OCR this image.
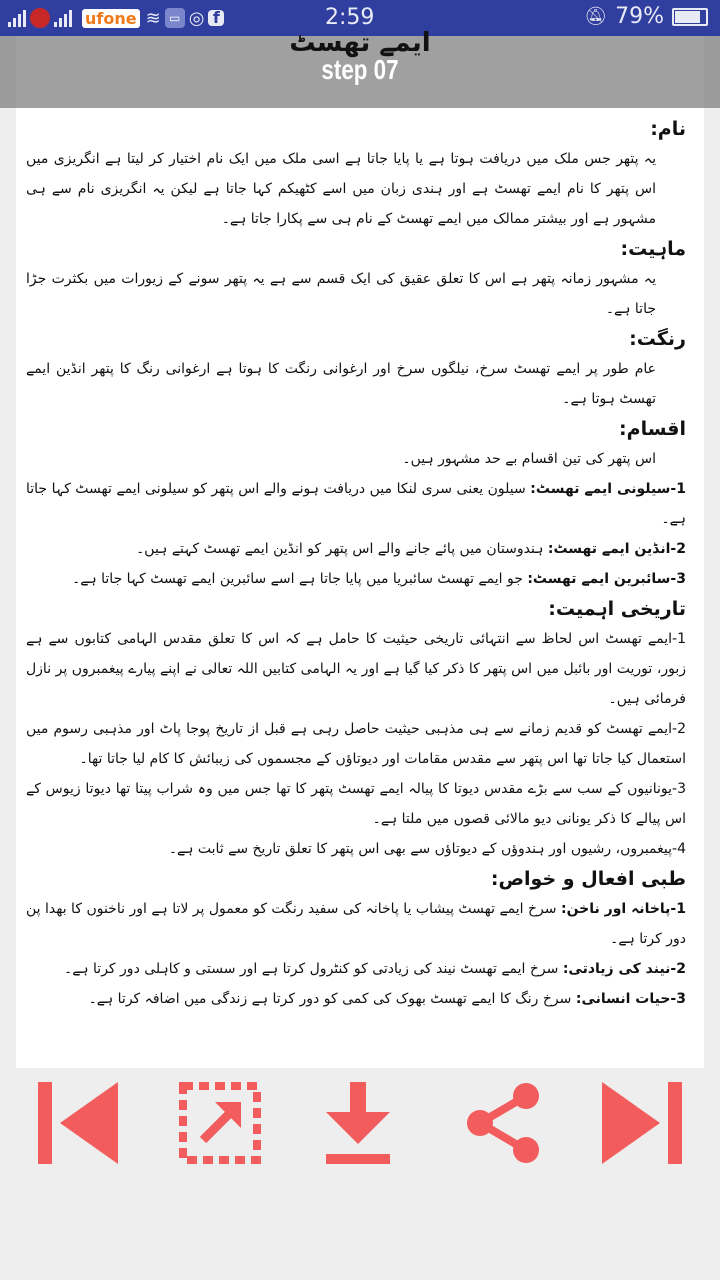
ufone ≋ ▭ ◎ f	2:59	🔕︎ 79%
ایمے تھسٹ
step 07
نام:

یہ پتھر جس ملک میں دریافت ہوتا ہے یا پایا جاتا ہے اسی ملک میں ایک نام اختیار کر لیتا ہے انگریزی میں اس پتھر کا نام ایمے تھسٹ ہے اور ہندی زبان میں اسے کٹھیکم کہا جاتا ہے لیکن یہ انگریزی نام سے ہی مشہور ہے اور بیشتر ممالک میں ایمے تھسٹ کے نام ہی سے پکارا جاتا ہے۔

ماہیت:

یہ مشہور زمانہ پتھر ہے اس کا تعلق عقیق کی ایک قسم سے ہے یہ پتھر سونے کے زیورات میں بکثرت جڑا جاتا ہے۔

رنگت:

عام طور پر ایمے تھسٹ سرخ، نیلگوں سرخ اور ارغوانی رنگت کا ہوتا ہے ارغوانی رنگ کا پتھر انڈین ایمے تھسٹ ہوتا ہے۔

اقسام:

اس پتھر کی تین اقسام بے حد مشہور ہیں۔

1-سیلونی ایمے تھسٹ: سیلون یعنی سری لنکا میں دریافت ہونے والے اس پتھر کو سیلونی ایمے تھسٹ کہا جاتا ہے۔

2-انڈین ایمے تھسٹ: ہندوستان میں پائے جانے والے اس پتھر کو انڈین ایمے تھسٹ کہتے ہیں۔

3-سائبرین ایمے تھسٹ: جو ایمے تھسٹ سائبریا میں پایا جاتا ہے اسے سائبرین ایمے تھسٹ کہا جاتا ہے۔

تاریخی اہمیت:

1-ایمے تھسٹ اس لحاظ سے انتہائی تاریخی حیثیت کا حامل ہے کہ اس کا تعلق مقدس الہامی کتابوں سے ہے زبور، توریت اور بائبل میں اس پتھر کا ذکر کیا گیا ہے اور یہ الہامی کتابیں اللہ تعالی نے اپنے پیارے پیغمبروں پر نازل فرمائی ہیں۔

2-ایمے تھسٹ کو قدیم زمانے سے ہی مذہبی حیثیت حاصل رہی ہے قبل از تاریخ پوجا پاٹ اور مذہبی رسوم میں استعمال کیا جاتا تھا اس پتھر سے مقدس مقامات اور دیوتاؤں کے مجسموں کی زیبائش کا کام لیا جاتا تھا۔

3-یونانیوں کے سب سے بڑے مقدس دیوتا کا پیالہ ایمے تھسٹ پتھر کا تھا جس میں وہ شراب پیتا تھا دیوتا زیوس کے اس پیالے کا ذکر یونانی دیو مالائی قصوں میں ملتا ہے۔

4-پیغمبروں، رشیوں اور ہندوؤں کے دیوتاؤں سے بھی اس پتھر کا تعلق تاریخ سے ثابت ہے۔

طبی افعال و خواص:

1-پاخانہ اور ناخن: سرخ ایمے تھسٹ پیشاب یا پاخانہ کی سفید رنگت کو معمول پر لاتا ہے اور ناخنوں کا بھدا پن دور کرتا ہے۔

2-نیند کی زیادتی: سرخ ایمے تھسٹ نیند کی زیادتی کو کنٹرول کرتا ہے اور سستی و کاہلی دور کرتا ہے۔

3-حیات انسانی: سرخ رنگ کا ایمے تھسٹ بھوک کی کمی کو دور کرتا ہے زندگی میں اضافہ کرتا ہے۔
